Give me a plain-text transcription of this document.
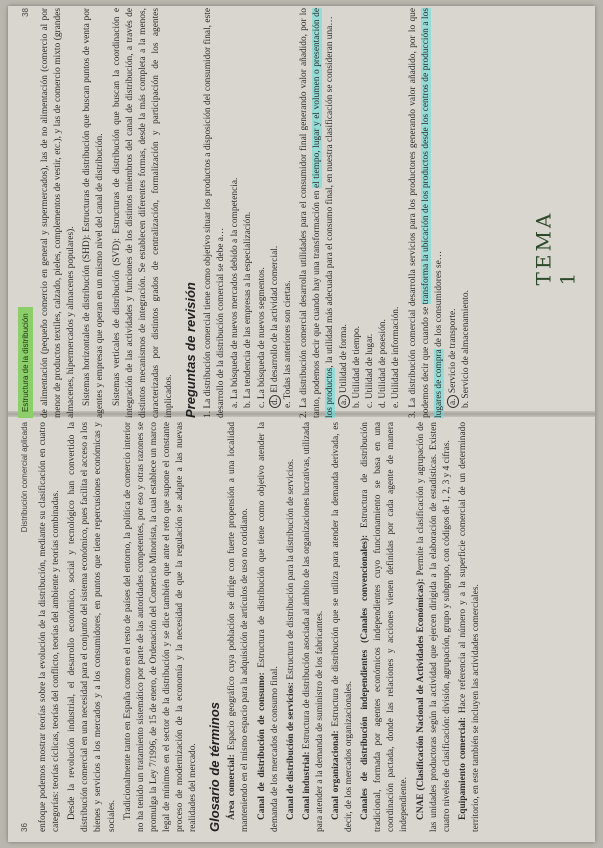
Estructura de la distribución
38 de alimentación (pequeño comercio en general y supermercados), las de no alimentación (comercio al por menor de productos textiles, calzado, pieles, complementos de vestir, etc.), y las de comercio mixto (grandes almacenes, hipermercados y almacenes populares). Sistemas horizontales de distribución (SHD): Estructuras de distribución que buscan puntos de venta por agentes y empresas que operan en un mismo nivel del canal de distribución. Sistemas verticales de distribución (SVD): Estructuras de distribución que buscan la coordinación e integración de las actividades y funciones de los distintos miembros del canal de distribución, a través de distintos mecanismos de integración. Se establecen diferentes formas, desde la más completa a la menos, caracterizadas por distintos grados de centralización, formalización y participación de los agentes implicados. Preguntas de revisión 1. La distribución comercial tiene como objetivo situar los productos a disposición del consumidor final, este desarrollo de la distribución comercial se debe a… a. La búsqueda de nuevos mercados debido a la competencia.
b. La tendencia de las empresas a la especialización.
c. La búsqueda de nuevos segmentos.
d. El desarrollo de la actividad comercial.
e. Todas las anteriores son ciertas.
2. La distribución comercial desarrolla utilidades para el consumidor final generando valor añadido, por lo tanto, podemos decir que cuando hay una transformación en el tiempo, lugar y el volumen o presentación de los productos, la utilidad más adecuada para el consumo final, en nuestra clasificación se consideran una…
a. Utilidad de forma.
b. Utilidad de tiempo.
c. Utilidad de lugar.
d. Utilidad de posesión.
e. Utilidad de información.
3. La distribución comercial desarrolla servicios para los productores generando valor añadido, por lo que podemos decir que cuando se transforma la ubicación de los productos desde los centros de producción a los lugares de compra de los consumidores se…
a. Servicio de transporte.
b. Servicio de almacenamiento.
TEMA 1
36
Distribución comercial aplicada enfoque podemos mostrar teorías sobre la evolución de la distribución, mediante su clasificación en cuatro categorías: teorías cíclicas, teorías del conflicto, teorías del ambiente y teorías combinadas. Desde la revolución industrial, el desarrollo económico, social y tecnológico han convertido la distribución comercial en una necesidad para el conjunto del sistema económico, pues facilita el acceso a los bienes y servicios a los mercados y a los consumidores, en puntos que tiene repercusiones económicas y sociales. Tradicionalmente tanto en España como en el resto de países del entorno, la política de comercio interior no ha tenido un tratamiento sistemático por parte de las autoridades competentes, por eso y otras razones se promulga la Ley 7/1996, de 15 de enero, de Ordenación del Comercio Minorista, la cual establece un marco legal de mínimos en el sector de la distribución y se dice también que ante el reto que supone el constante proceso de modernización de la economía y la necesidad de que la regulación se adapte a las nuevas realidades del mercado. Glosario de términos Área comercial: Espacio geográfico cuya población se dirige con fuerte propensión a una localidad manteniendo en el mismo espacio para la adquisición de artículos de uso no cotidiano. Canal de distribución de consumo: Estructura de distribución que tiene como objetivo atender la demanda de los mercados de consumo final. Canal de distribución de servicios: Estructura de distribución para la distribución de servicios.

Canal industrial: Estructura de distribución asociada al ámbito de las organizaciones lucrativas, utilizada para atender a la demanda de suministro de los fabricantes. Canal organizacional: Estructura de distribución que se utiliza para atender la demanda derivada, es decir, de los mercados organizacionales. Canales de distribución independientes (Canales convencionales): Estructura de distribución tradicional, formada por agentes económicos independientes cuyo funcionamiento se basa en una coordinación pactada, donde las relaciones y acciones vienen definidas por cada agente de manera independiente. CNAE (Clasificación Nacional de Actividades Económicas): Permite la clasificación y agrupación de las unidades productoras según la actividad que ejercen dirigida a la elaboración de estadísticas. Existen cuatro niveles de clasificación: división, agrupación, grupo y subgrupo, con códigos de 1, 2, 3 y 4 cifras. Equipamiento comercial: Hace referencia al número y a la superficie comercial de un determinado territorio, en este también se incluyen las actividades comerciales.
